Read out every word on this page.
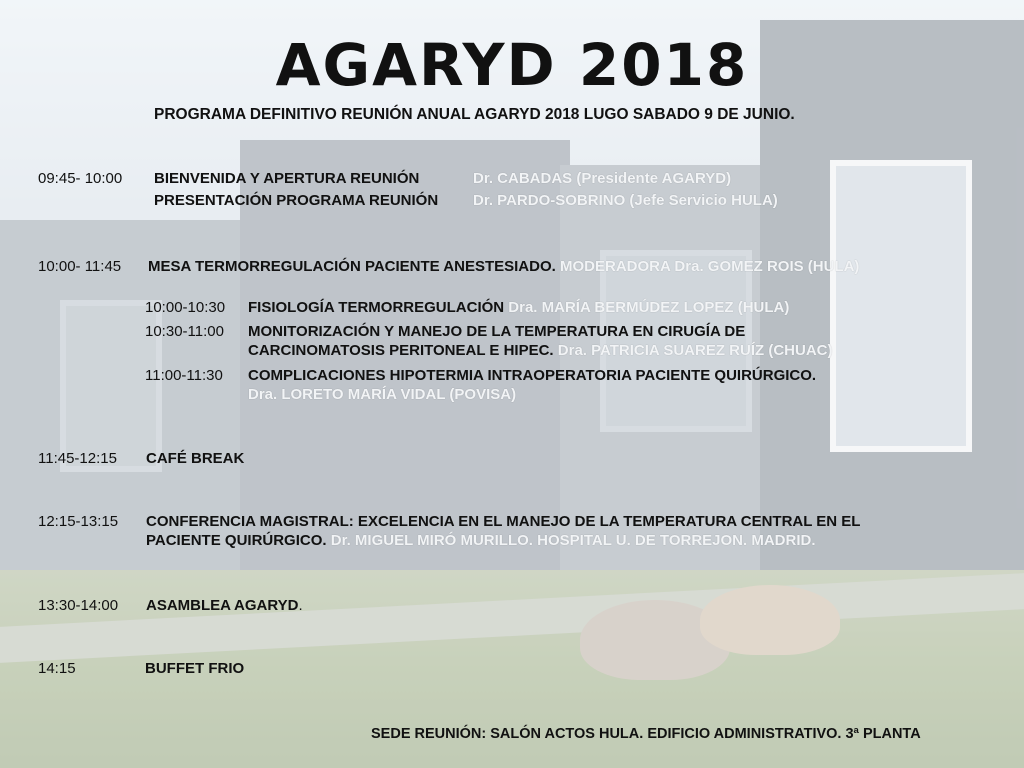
AGARYD 2018
PROGRAMA DEFINITIVO REUNIÓN ANUAL AGARYD 2018 LUGO SABADO 9 DE JUNIO.
09:45- 10:00 BIENVENIDA Y APERTURA REUNIÓN	Dr. CABADAS (Presidente AGARYD)
PRESENTACIÓN PROGRAMA REUNIÓN Dr. PARDO-SOBRINO (Jefe Servicio HULA)
10:00- 11:45 MESA TERMORREGULACIÓN PACIENTE ANESTESIADO. MODERADORA Dra. GOMEZ ROIS (HULA)
10:00-10:30 FISIOLOGÍA TERMORREGULACIÓN Dra. MARÍA BERMÚDEZ LOPEZ (HULA)
10:30-11:00 MONITORIZACIÓN Y MANEJO DE LA TEMPERATURA EN CIRUGÍA DE
CARCINOMATOSIS PERITONEAL E HIPEC. Dra. PATRICIA SUAREZ RUÍZ (CHUAC)
11:00-11:30 COMPLICACIONES HIPOTERMIA INTRAOPERATORIA PACIENTE QUIRÚRGICO.
Dra. LORETO MARÍA VIDAL (POVISA)
11:45-12:15 CAFÉ BREAK
12:15-13:15 CONFERENCIA MAGISTRAL: EXCELENCIA EN EL MANEJO DE LA TEMPERATURA CENTRAL EN EL
PACIENTE QUIRÚRGICO. Dr. MIGUEL MIRÓ MURILLO. HOSPITAL U. DE TORREJON. MADRID.
13:30-14:00 ASAMBLEA AGARYD.
14:15	BUFFET FRIO
SEDE REUNIÓN: SALÓN ACTOS HULA. EDIFICIO ADMINISTRATIVO. 3ª PLANTA
